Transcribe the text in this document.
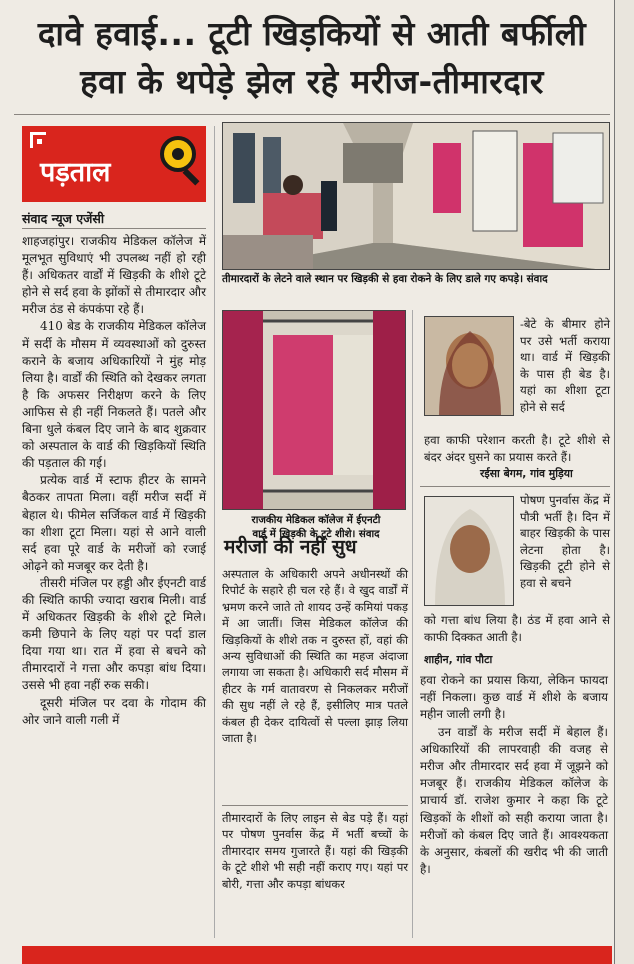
दावे हवाई... टूटी खिड़कियों से आती बर्फीली
हवा के थपेड़े झेल रहे मरीज-तीमारदार
पड़ताल
संवाद न्यूज एजेंसी

शाहजहांपुर। राजकीय मेडिकल कॉलेज में मूलभूत सुविधाएं भी उपलब्ध नहीं हो रही हैं। अधिकतर वार्डों में खिड़की के शीशे टूटे होने से सर्द हवा के झोंकों से तीमारदार और मरीज ठंड से कंपकंपा रहे हैं।

410 बेड के राजकीय मेडिकल कॉलेज में सर्दी के मौसम में व्यवस्थाओं को दुरुस्त कराने के बजाय अधिकारियों ने मुंह मोड़ लिया है। वार्डों की स्थिति को देखकर लगता है कि अफसर निरीक्षण करने के लिए आफिस से ही नहीं निकलते हैं। पतले और बिना धुले कंबल दिए जाने के बाद शुक्रवार को अस्पताल के वार्ड की खिड़कियों स्थिति की पड़ताल की गई।

प्रत्येक वार्ड में स्टाफ हीटर के सामने बैठकर तापता मिला। वहीं मरीज सर्दी में बेहाल थे। फीमेल सर्जिकल वार्ड में खिड़की का शीशा टूटा मिला। यहां से आने वाली सर्द हवा पूरे वार्ड के मरीजों को रजाई ओढ़ने को मजबूर कर देती है।

तीसरी मंजिल पर हड्डी और ईएनटी वार्ड की स्थिति काफी ज्यादा खराब मिली। वार्ड में अधिकतर खिड़की के शीशे टूटे मिले। कमी छिपाने के लिए यहां पर पर्दा डाल दिया गया था। रात में हवा से बचने को तीमारदारों ने गत्ता और कपड़ा बांध दिया। उससे भी हवा नहीं रुक सकी।

दूसरी मंजिल पर दवा के गोदाम की ओर जाने वाली गली में

तीमारदारों के लेटने वाले स्थान पर खिड़की से हवा रोकने के लिए डाले गए कपड़े। संवाद
राजकीय मेडिकल कॉलेज में ईएनटी
वार्ड में खिड़की के टूटे शीशे। संवाद
मरीजों की नहीं सुध

अस्पताल के अधिकारी अपने अधीनस्थों की रिपोर्ट के सहारे ही चल रहे हैं। वे खुद वार्डों में भ्रमण करने जाते तो शायद उन्हें कमियां पकड़ में आ जातीं। जिस मेडिकल कॉलेज की खिड़कियों के शीशे तक न दुरुस्त हों, वहां की अन्य सुविधाओं की स्थिति का महज अंदाजा लगाया जा सकता है। अधिकारी सर्द मौसम में हीटर के गर्म वातावरण से निकलकर मरीजों की सुध नहीं ले रहे हैं, इसीलिए मात्र पतले कंबल ही देकर दायित्वों से पल्ला झाड़ लिया जाता है।

तीमारदारों के लिए लाइन से बेड पड़े हैं। यहां पर पोषण पुनर्वास केंद्र में भर्ती बच्चों के तीमारदार समय गुजारते हैं। यहां की खिड़की के टूटे शीशे भी सही नहीं कराए गए। यहां पर बोरी, गत्ता और कपड़ा बांधकर

-बेटे के बीमार होने पर उसे भर्ती कराया था। वार्ड में खिड़की के पास ही बेड है। यहां का शीशा टूटा होने से सर्द
हवा काफी परेशान करती है। टूटे शीशे से बंदर अंदर घुसने का प्रयास करते हैं।
रईसा बेगम, गांव मुड़िया
पोषण पुनर्वास केंद्र में पौत्री भर्ती है। दिन में बाहर खिड़की के पास लेटना होता है। खिड़की टूटी होने से हवा से बचने
को गत्ता बांध लिया है। ठंड में हवा आने से काफी दिक्कत आती है।
शाहीन, गांव पौटा

हवा रोकने का प्रयास किया, लेकिन फायदा नहीं निकला। कुछ वार्ड में शीशे के बजाय महीन जाली लगी है।

उन वार्डों के मरीज सर्दी में बेहाल हैं। अधिकारियों की लापरवाही की वजह से मरीज और तीमारदार सर्द हवा में जूझने को मजबूर हैं। राजकीय मेडिकल कॉलेज के प्राचार्य डॉ. राजेश कुमार ने कहा कि टूटे खिड़कों के शीशों को सही कराया जाता है। मरीजों को कंबल दिए जाते हैं। आवश्यकता के अनुसार, कंबलों की खरीद भी की जाती है।
